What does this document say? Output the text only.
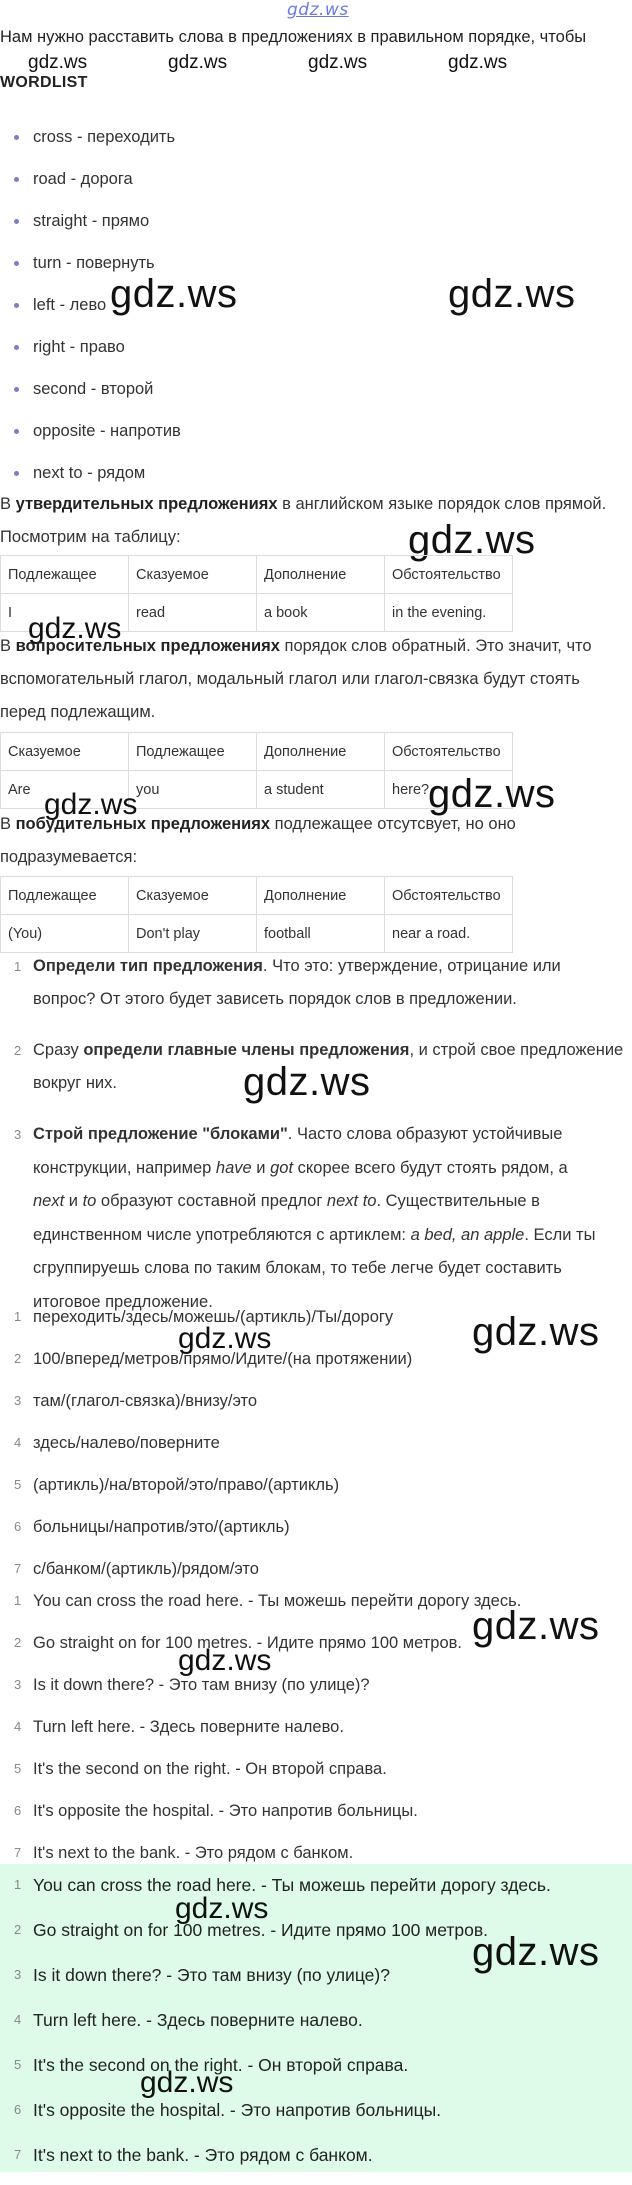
gdz.ws
Нам нужно расставить слова в предложениях в правильном порядке, чтобы
gdz.ws	gdz.ws	gdz.ws	gdz.ws
WORDLIST
cross - переходить
road - дорога
straight - прямо
turn - повернуть
left - лево
right - право
second - второй
opposite - напротив
next to - рядом
gdz.ws	gdz.ws
В утвердительных предложениях в английском языке порядок слов прямой.
Посмотрим на таблицу:	gdz.ws
Подлежащее	Сказуемое	Дополнение	Обстоятельство
I	read	a book	in the evening.
gdz.ws
В вопросительных предложениях порядок слов обратный. Это значит, что
вспомогательный глагол, модальный глагол или глагол-связка будут стоять
перед подлежащим.
Сказуемое	Подлежащее	Дополнение	Обстоятельство
Are	you	a student	here?
gdz.ws	gdz.ws
В побудительных предложениях подлежащее отсутсвует, но оно
подразумевается:
Подлежащее	Сказуемое	Дополнение	Обстоятельство
(You)	Don't play	football	near a road.
1 Определи тип предложения. Что это: утверждение, отрицание или
вопрос? От этого будет зависеть порядок слов в предложении.
2 Сразу определи главные члены предложения, и строй свое предложение
вокруг них.
3 Строй предложение "блоками". Часто слова образуют устойчивые
конструкции, например have и got скорее всего будут стоять рядом, а
next и to образуют составной предлог next to. Существительные в
единственном числе употребляются с артиклем: a bed, an apple. Если ты
сгруппируешь слова по таким блокам, то тебе легче будет составить
итоговое предложение.
gdz.ws
1 переходить/здесь/можешь/(артикль)/Ты/дорогу
2 100/вперед/метров/прямо/Идите/(на протяжении)
3 там/(глагол-связка)/внизу/это
4 здесь/налево/поверните
5 (артикль)/на/второй/это/право/(артикль)
6 больницы/напротив/это/(артикль)
7 с/банком/(артикль)/рядом/это
gdz.ws	gdz.ws
1 You can cross the road here. - Ты можешь перейти дорогу здесь.
2 Go straight on for 100 metres. - Идите прямо 100 метров.
3 Is it down there? - Это там внизу (по улице)?
4 Turn left here. - Здесь поверните налево.
5 It's the second on the right. - Он второй справа.
6 It's opposite the hospital. - Это напротив больницы.
7 It's next to the bank. - Это рядом с банком.
gdz.ws
gdz.ws
1 You can cross the road here. - Ты можешь перейти дорогу здесь.
2 Go straight on for 100 metres. - Идите прямо 100 метров.
3 Is it down there? - Это там внизу (по улице)?
4 Turn left here. - Здесь поверните налево.
5 It's the second on the right. - Он второй справа.
6 It's opposite the hospital. - Это напротив больницы.
7 It's next to the bank. - Это рядом с банком.
gdz.ws
gdz.ws
gdz.ws
